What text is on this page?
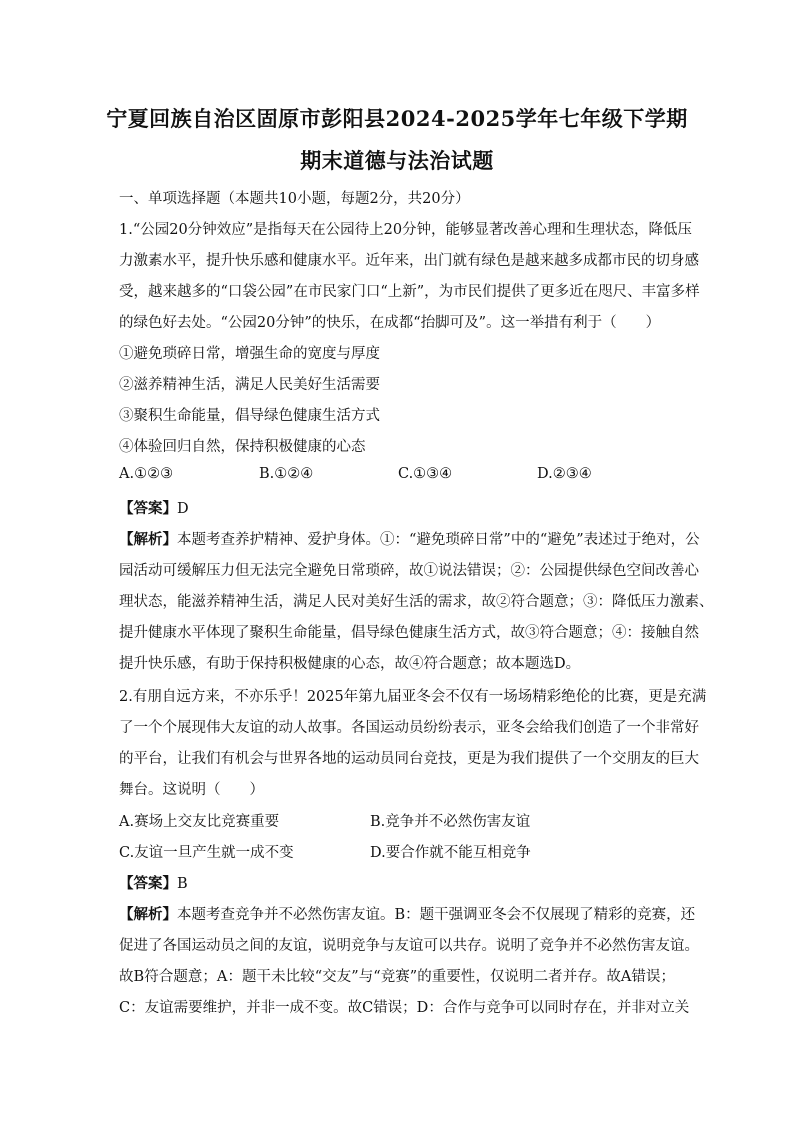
宁夏回族自治区固原市彭阳县2024-2025学年七年级下学期
期末道德与法治试题
一、单项选择题（本题共10小题，每题2分，共20分）
1.“公园20分钟效应”是指每天在公园待上20分钟，能够显著改善心理和生理状态，降低压
力激素水平，提升快乐感和健康水平。近年来，出门就有绿色是越来越多成都市民的切身感
受，越来越多的“口袋公园”在市民家门口“上新”，为市民们提供了更多近在咫尺、丰富多样
的绿色好去处。“公园20分钟”的快乐，在成都“抬脚可及”。这一举措有利于（　　）
①避免琐碎日常，增强生命的宽度与厚度
②滋养精神生活，满足人民美好生活需要
③聚积生命能量，倡导绿色健康生活方式
④体验回归自然，保持积极健康的心态
A.①②③	B.①②④	C.①③④	D.②③④
【答案】D
【解析】本题考查养护精神、爱护身体。①：“避免琐碎日常”中的“避免”表述过于绝对，公
园活动可缓解压力但无法完全避免日常琐碎，故①说法错误；②：公园提供绿色空间改善心
理状态，能滋养精神生活，满足人民对美好生活的需求，故②符合题意；③：降低压力激素、
提升健康水平体现了聚积生命能量，倡导绿色健康生活方式，故③符合题意；④：接触自然
提升快乐感，有助于保持积极健康的心态，故④符合题意；故本题选D。
2.有朋自远方来，不亦乐乎！2025年第九届亚冬会不仅有一场场精彩绝伦的比赛，更是充满
了一个个展现伟大友谊的动人故事。各国运动员纷纷表示，亚冬会给我们创造了一个非常好
的平台，让我们有机会与世界各地的运动员同台竞技，更是为我们提供了一个交朋友的巨大
舞台。这说明（　　）
A.赛场上交友比竞赛重要	B.竞争并不必然伤害友谊
C.友谊一旦产生就一成不变	D.要合作就不能互相竞争
【答案】B
【解析】本题考查竞争并不必然伤害友谊。B：题干强调亚冬会不仅展现了精彩的竞赛，还
促进了各国运动员之间的友谊，说明竞争与友谊可以共存。说明了竞争并不必然伤害友谊。
故B符合题意；A：题干未比较“交友”与“竞赛”的重要性，仅说明二者并存。故A错误；
C：友谊需要维护，并非一成不变。故C错误；D：合作与竞争可以同时存在，并非对立关
